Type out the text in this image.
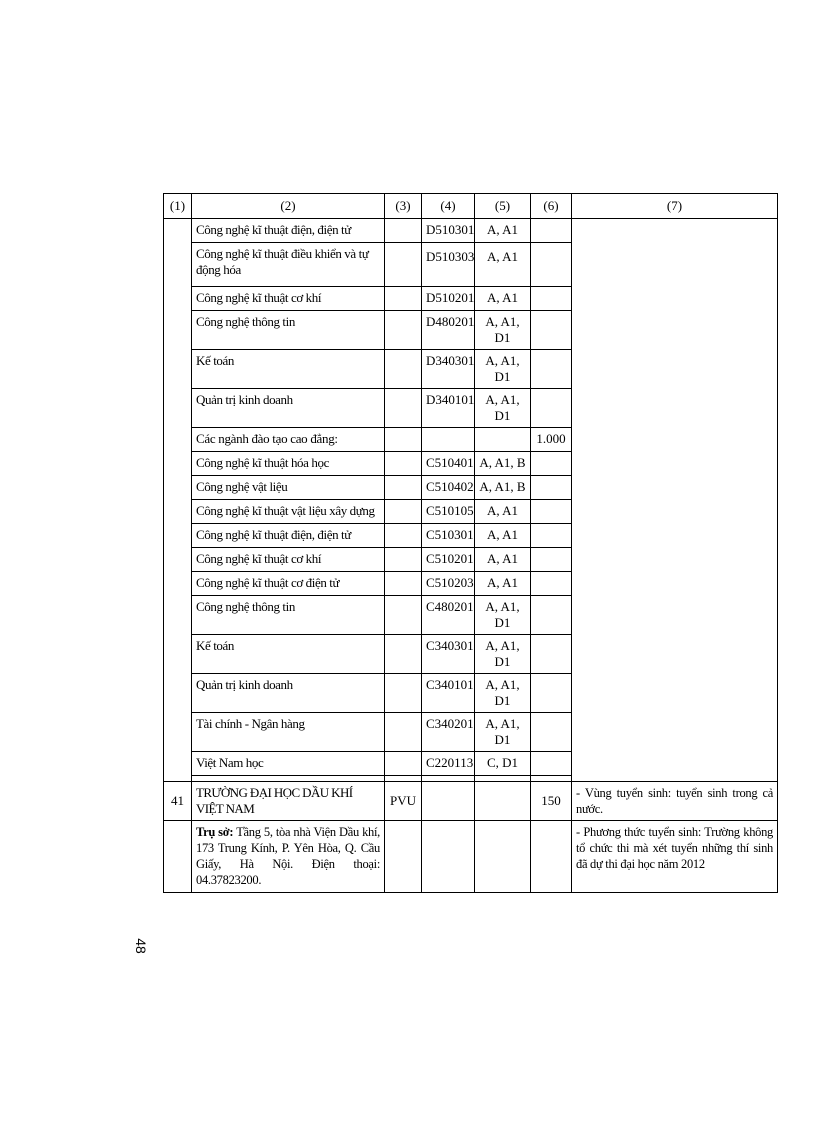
(1)	(2)	(3)	(4)	(5)	(6)	(7)
	Công nghệ kĩ thuật điện, điện tử		D510301	A, A1		
	Công nghệ kĩ thuật điều khiển và tự động hóa		D510303	A, A1		
	Công nghệ kĩ thuật cơ khí		D510201	A, A1		
	Công nghệ thông tin		D480201	A, A1, D1		
	Kế toán		D340301	A, A1, D1		
	Quản trị kinh doanh		D340101	A, A1, D1		
	Các ngành đào tạo cao đẳng:				1.000	
	Công nghệ kĩ thuật hóa học		C510401	A, A1, B		
	Công nghệ vật liệu		C510402	A, A1, B		
	Công nghệ kĩ thuật vật liệu xây dựng		C510105	A, A1		
	Công nghệ kĩ thuật điện, điện tử		C510301	A, A1		
	Công nghệ kĩ thuật cơ khí		C510201	A, A1		
	Công nghệ kĩ thuật cơ điện tử		C510203	A, A1		
	Công nghệ thông tin		C480201	A, A1, D1		
	Kế toán		C340301	A, A1, D1		
	Quản trị kinh doanh		C340101	A, A1, D1		
	Tài chính - Ngân hàng		C340201	A, A1, D1		
	Việt Nam học		C220113	C, D1		

41	TRƯỜNG ĐẠI HỌC DẦU KHÍ VIỆT NAM	PVU			150	- Vùng tuyển sinh: tuyển sinh trong cả nước.
	Trụ sở: Tầng 5, tòa nhà Viện Dầu khí, 173 Trung Kính, P. Yên Hòa, Q. Cầu Giấy, Hà Nội. Điện thoại: 04.37823200.					- Phương thức tuyển sinh: Trường không tổ chức thi mà xét tuyển những thí sinh đã dự thi đại học năm 2012
48
